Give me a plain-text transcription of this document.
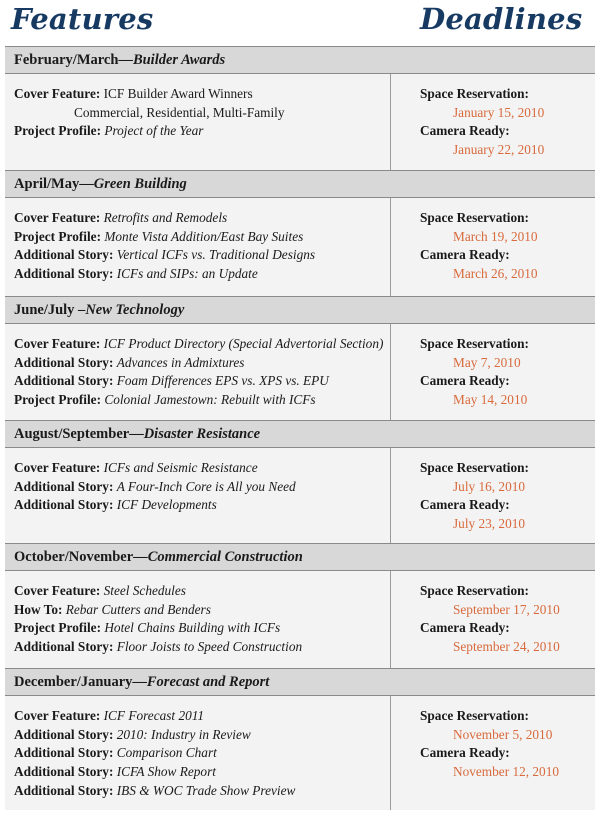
Features	Deadlines
February/March—Builder Awards
Cover Feature: ICF Builder Award Winners
Commercial, Residential, Multi-Family
Project Profile: Project of the Year
Space Reservation:
January 15, 2010
Camera Ready:
January 22, 2010
April/May—Green Building
Cover Feature: Retrofits and Remodels
Project Profile: Monte Vista Addition/East Bay Suites
Additional Story: Vertical ICFs vs. Traditional Designs
Additional Story: ICFs and SIPs: an Update
Space Reservation:
March 19, 2010
Camera Ready:
March 26, 2010
June/July –New Technology
Cover Feature: ICF Product Directory (Special Advertorial Section)
Additional Story: Advances in Admixtures
Additional Story: Foam Differences EPS vs. XPS vs. EPU
Project Profile: Colonial Jamestown: Rebuilt with ICFs
Space Reservation:
May 7, 2010
Camera Ready:
May 14, 2010
August/September—Disaster Resistance
Cover Feature: ICFs and Seismic Resistance
Additional Story: A Four-Inch Core is All you Need
Additional Story: ICF Developments
Space Reservation:
July 16, 2010
Camera Ready:
July 23, 2010
October/November—Commercial Construction
Cover Feature: Steel Schedules
How To: Rebar Cutters and Benders
Project Profile: Hotel Chains Building with ICFs
Additional Story: Floor Joists to Speed Construction
Space Reservation:
September 17, 2010
Camera Ready:
September 24, 2010
December/January—Forecast and Report
Cover Feature: ICF Forecast 2011
Additional Story: 2010: Industry in Review
Additional Story: Comparison Chart
Additional Story: ICFA Show Report
Additional Story: IBS & WOC Trade Show Preview
Space Reservation:
November 5, 2010
Camera Ready:
November 12, 2010
